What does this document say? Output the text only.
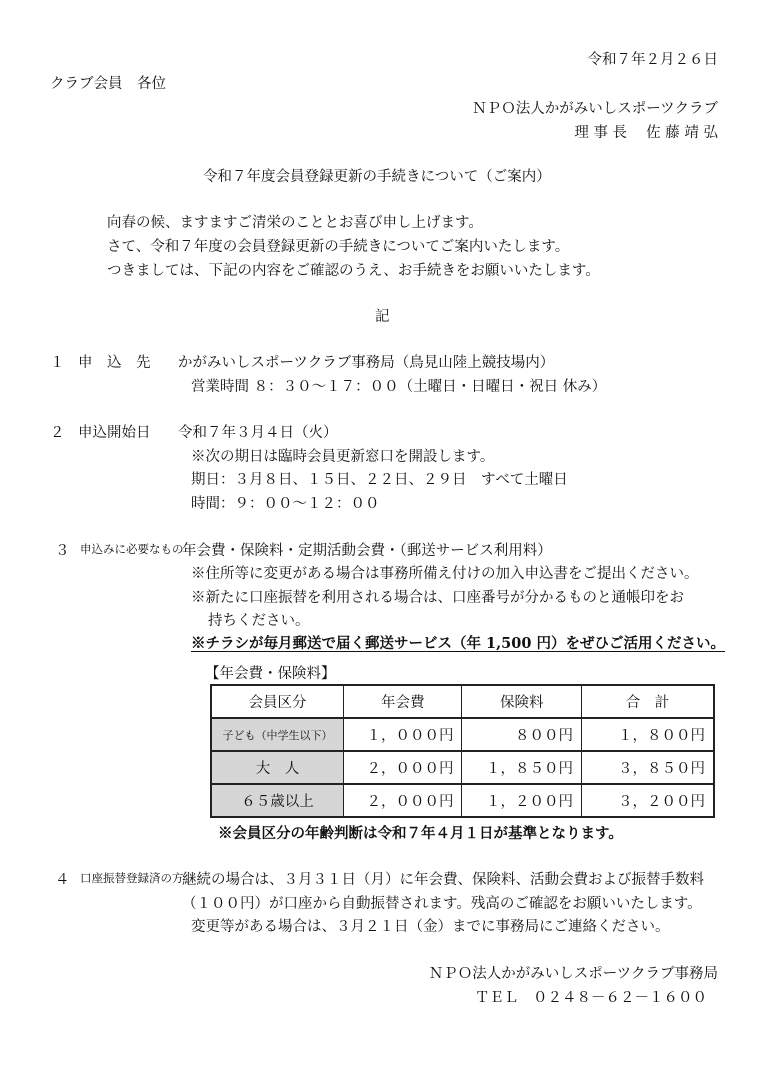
令和７年２月２６日
クラブ会員　各位
ＮＰＯ法人かがみいしスポーツクラブ
理 事 長　 佐 藤 靖 弘
令和７年度会員登録更新の手続きについて（ご案内）
向春の候、ますますご清栄のこととお喜び申し上げます。
さて、令和７年度の会員登録更新の手続きについてご案内いたします。
つきましては、下記の内容をご確認のうえ、お手続きをお願いいたします。
記
１ 申　込　先 かがみいしスポーツクラブ事務局（鳥見山陸上競技場内）
営業時間 ８：３０～１７：００（土曜日・日曜日・祝日 休み）
２ 申込開始日 令和７年３月４日（火）
※次の期日は臨時会員更新窓口を開設します。
期日：３月８日、１５日、２２日、２９日　すべて土曜日
時間：９：００～１２：００
３ 申込みに必要なもの
年会費・保険料・定期活動会費・（郵送サービス利用料）
※住所等に変更がある場合は事務所備え付けの加入申込書をご提出ください。
※新たに口座振替を利用される場合は、口座番号が分かるものと通帳印をお
持ちください。
※チラシが毎月郵送で届く郵送サービス（年 1,500 円）をぜひご活用ください。
【年会費・保険料】
会員区分	年会費	保険料	合　計
子ども（中学生以下）	１，０００円	８００円	１，８００円
大　人	２，０００円	１，８５０円	３，８５０円
６５歳以上	２，０００円	１，２００円	３，２００円
※会員区分の年齢判断は令和７年４月１日が基準となります。
４ 口座振替登録済の方
継続の場合は、３月３１日（月）に年会費、保険料、活動会費および振替手数料
（１００円）が口座から自動振替されます。残高のご確認をお願いいたします。
変更等がある場合は、３月２１日（金）までに事務局にご連絡ください。
ＮＰＯ法人かがみいしスポーツクラブ事務局
ＴＥＬ　０２４８－６２－１６００
